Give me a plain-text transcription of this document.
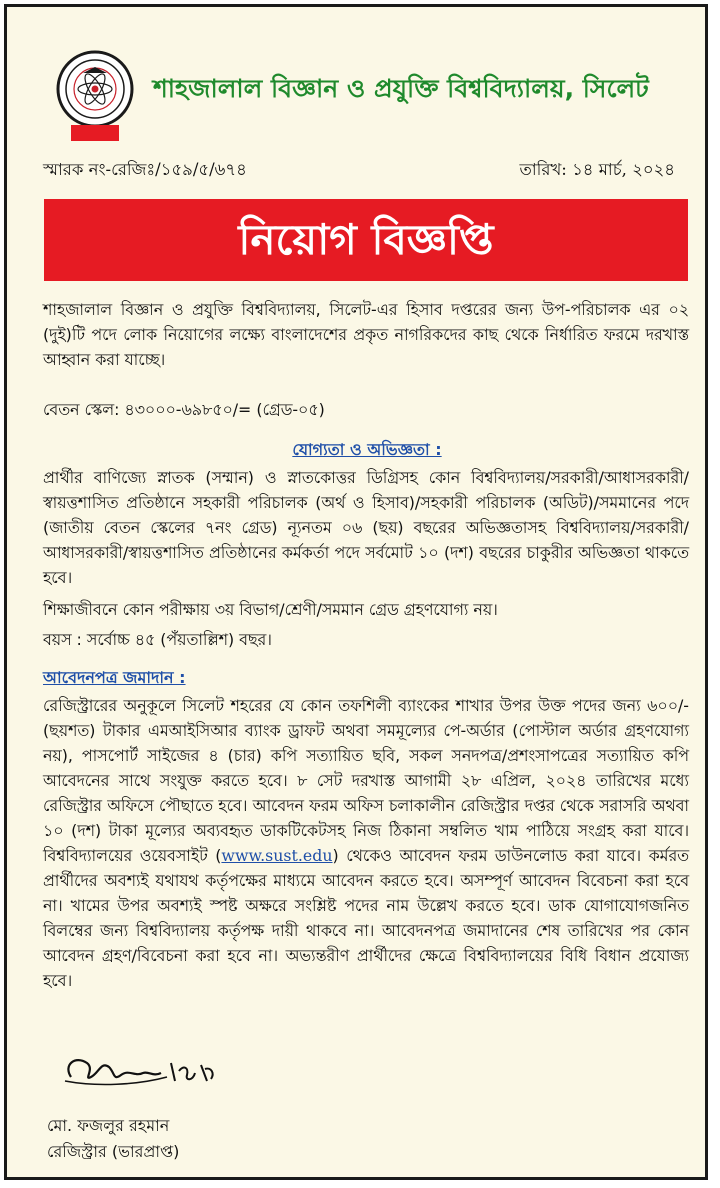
শাহজালাল বিজ্ঞান ও প্রযুক্তি বিশ্ববিদ্যালয়, সিলেট
স্মারক নং-রেজিঃ/১৫৯/৫/৬৭৪	তারিখ: ১৪ মার্চ, ২০২৪
নিয়োগ বিজ্ঞপ্তি
শাহজালাল বিজ্ঞান ও প্রযুক্তি বিশ্ববিদ্যালয়, সিলেট-এর হিসাব দপ্তরের জন্য উপ-পরিচালক এর ০২ (দুই)টি পদে লোক নিয়োগের লক্ষ্যে বাংলাদেশের প্রকৃত নাগরিকদের কাছ থেকে নির্ধারিত ফরমে দরখাস্ত আহ্বান করা যাচ্ছে।
বেতন স্কেল: ৪৩০০০-৬৯৮৫০/= (গ্রেড-০৫)
যোগ্যতা ও অভিজ্ঞতা :
প্রার্থীর বাণিজ্যে স্নাতক (সম্মান) ও স্নাতকোত্তর ডিগ্রিসহ কোন বিশ্ববিদ্যালয়/সরকারী/আধাসরকারী/স্বায়ত্তশাসিত প্রতিষ্ঠানে সহকারী পরিচালক (অর্থ ও হিসাব)/সহকারী পরিচালক (অডিট)/সমমানের পদে (জাতীয় বেতন স্কেলের ৭নং গ্রেড) ন্যূনতম ০৬ (ছয়) বছরের অভিজ্ঞতাসহ বিশ্ববিদ্যালয়/সরকারী/আধাসরকারী/স্বায়ত্তশাসিত প্রতিষ্ঠানের কর্মকর্তা পদে সর্বমোট ১০ (দশ) বছরের চাকুরীর অভিজ্ঞতা থাকতে হবে।
শিক্ষাজীবনে কোন পরীক্ষায় ৩য় বিভাগ/শ্রেণী/সমমান গ্রেড গ্রহণযোগ্য নয়।
বয়স : সর্বোচ্চ ৪৫ (পঁয়তাল্লিশ) বছর।
আবেদনপত্র জমাদান :
রেজিস্ট্রারের অনুকূলে সিলেট শহরের যে কোন তফশিলী ব্যাংকের শাখার উপর উক্ত পদের জন্য ৬০০/- (ছয়শত) টাকার এমআইসিআর ব্যাংক ড্রাফট অথবা সমমূল্যের পে-অর্ডার (পোস্টাল অর্ডার গ্রহণযোগ্য নয়), পাসপোর্ট সাইজের ৪ (চার) কপি সত্যায়িত ছবি, সকল সনদপত্র/প্রশংসাপত্রের সত্যায়িত কপি আবেদনের সাথে সংযুক্ত করতে হবে। ৮ সেট দরখাস্ত আগামী ২৮ এপ্রিল, ২০২৪ তারিখের মধ্যে রেজিস্ট্রার অফিসে পৌছাতে হবে। আবেদন ফরম অফিস চলাকালীন রেজিস্ট্রার দপ্তর থেকে সরাসরি অথবা ১০ (দশ) টাকা মূল্যের অব্যবহৃত ডাকটিকেটসহ নিজ ঠিকানা সম্বলিত খাম পাঠিয়ে সংগ্রহ করা যাবে। বিশ্ববিদ্যালয়ের ওয়েবসাইট (www.sust.edu) থেকেও আবেদন ফরম ডাউনলোড করা যাবে। কর্মরত প্রার্থীদের অবশ্যই যথাযথ কর্তৃপক্ষের মাধ্যমে আবেদন করতে হবে। অসম্পূর্ণ আবেদন বিবেচনা করা হবে না। খামের উপর অবশ্যই স্পষ্ট অক্ষরে সংশ্লিষ্ট পদের নাম উল্লেখ করতে হবে। ডাক যোগাযোগজনিত বিলম্বের জন্য বিশ্ববিদ্যালয় কর্তৃপক্ষ দায়ী থাকবে না। আবেদনপত্র জমাদানের শেষ তারিখের পর কোন আবেদন গ্রহণ/বিবেচনা করা হবে না। অভ্যন্তরীণ প্রার্থীদের ক্ষেত্রে বিশ্ববিদ্যালয়ের বিধি বিধান প্রযোজ্য হবে।
মো. ফজলুর রহমান
রেজিস্ট্রার (ভারপ্রাপ্ত)
